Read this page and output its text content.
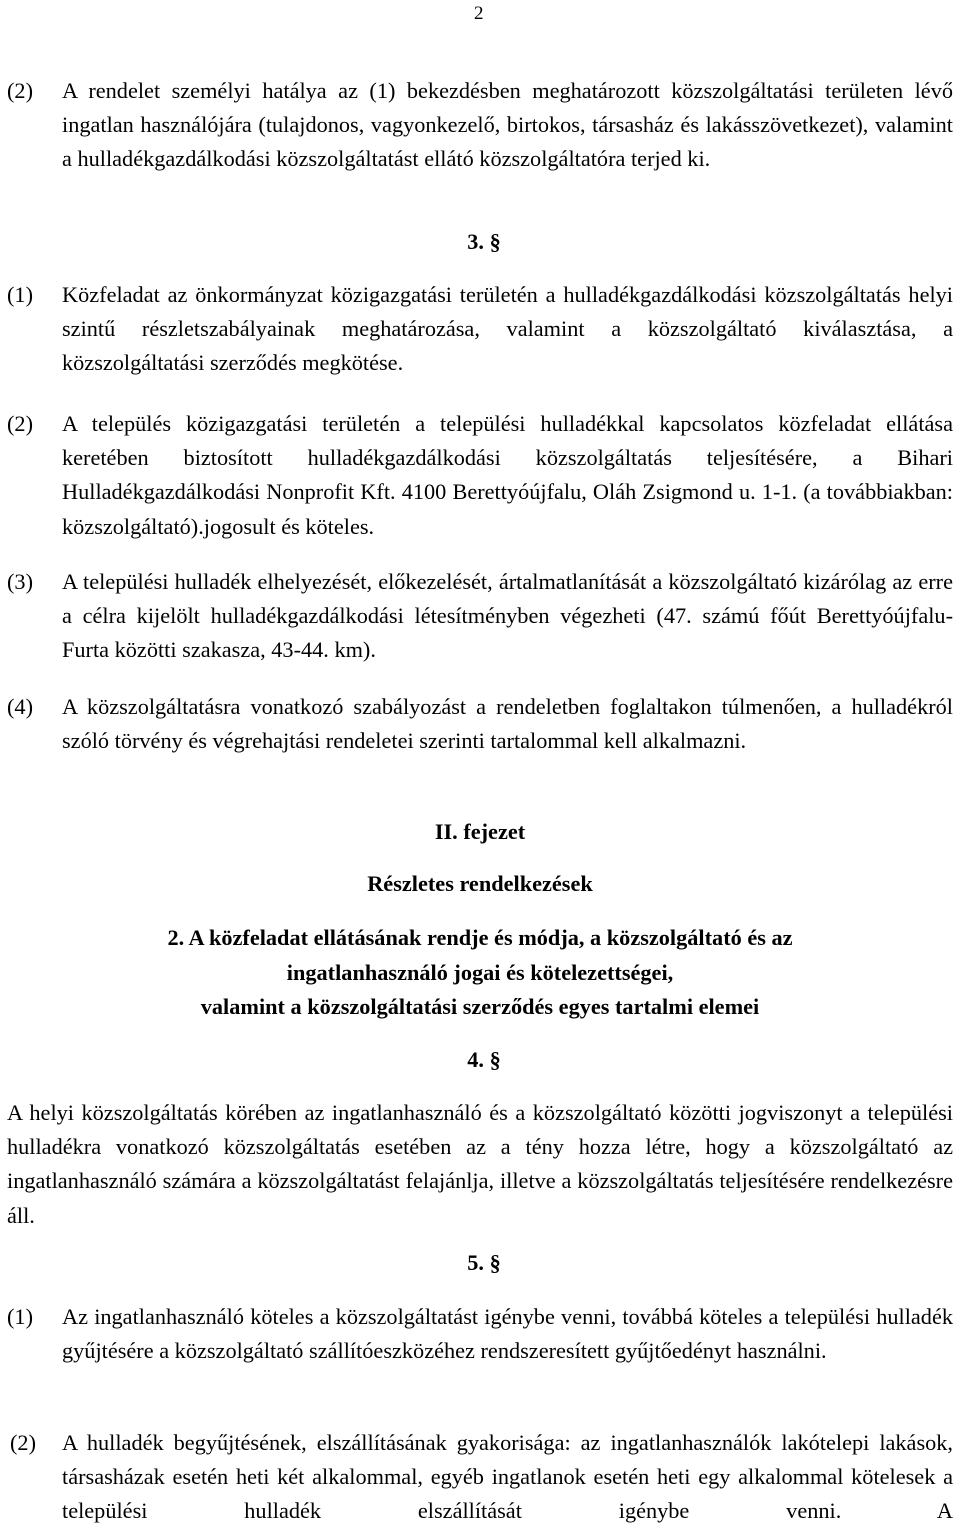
2
(2) A rendelet személyi hatálya az (1) bekezdésben meghatározott közszolgáltatási területen lévő ingatlan használójára (tulajdonos, vagyonkezelő, birtokos, társasház és lakásszövetkezet), valamint a hulladékgazdálkodási közszolgáltatást ellátó közszolgáltatóra terjed ki.
3. §
(1) Közfeladat az önkormányzat közigazgatási területén a hulladékgazdálkodási közszolgáltatás helyi szintű részletszabályainak meghatározása, valamint a közszolgáltató kiválasztása, a közszolgáltatási szerződés megkötése.
(2) A település közigazgatási területén a települési hulladékkal kapcsolatos közfeladat ellátása keretében biztosított hulladékgazdálkodási közszolgáltatás teljesítésére, a Bihari Hulladékgazdálkodási Nonprofit Kft. 4100 Berettyóújfalu, Oláh Zsigmond u. 1-1. (a továbbiakban: közszolgáltató).jogosult és köteles.
(3) A települési hulladék elhelyezését, előkezelését, ártalmatlanítását a közszolgáltató kizárólag az erre a célra kijelölt hulladékgazdálkodási létesítményben végezheti (47. számú főút Berettyóújfalu-Furta közötti szakasza, 43-44. km).
(4) A közszolgáltatásra vonatkozó szabályozást a rendeletben foglaltakon túlmenően, a hulladékról szóló törvény és végrehajtási rendeletei szerinti tartalommal kell alkalmazni.
II. fejezet
Részletes rendelkezések
2. A közfeladat ellátásának rendje és módja, a közszolgáltató és az
ingatlanhasználó jogai és kötelezettségei,
valamint a közszolgáltatási szerződés egyes tartalmi elemei
4. §
A helyi közszolgáltatás körében az ingatlanhasználó és a közszolgáltató közötti jogviszonyt a települési hulladékra vonatkozó közszolgáltatás esetében az a tény hozza létre, hogy a közszolgáltató az ingatlanhasználó számára a közszolgáltatást felajánlja, illetve a közszolgáltatás teljesítésére rendelkezésre áll.
5. §
(1) Az ingatlanhasználó köteles a közszolgáltatást igénybe venni, továbbá köteles a települési hulladék gyűjtésére a közszolgáltató szállítóeszközéhez rendszeresített gyűjtőedényt használni.
(2) A hulladék begyűjtésének, elszállításának gyakorisága: az ingatlanhasználók lakótelepi lakások, társasházak esetén heti két alkalommal, egyéb ingatlanok esetén heti egy alkalommal kötelesek a települési hulladék elszállítását igénybe venni. A
